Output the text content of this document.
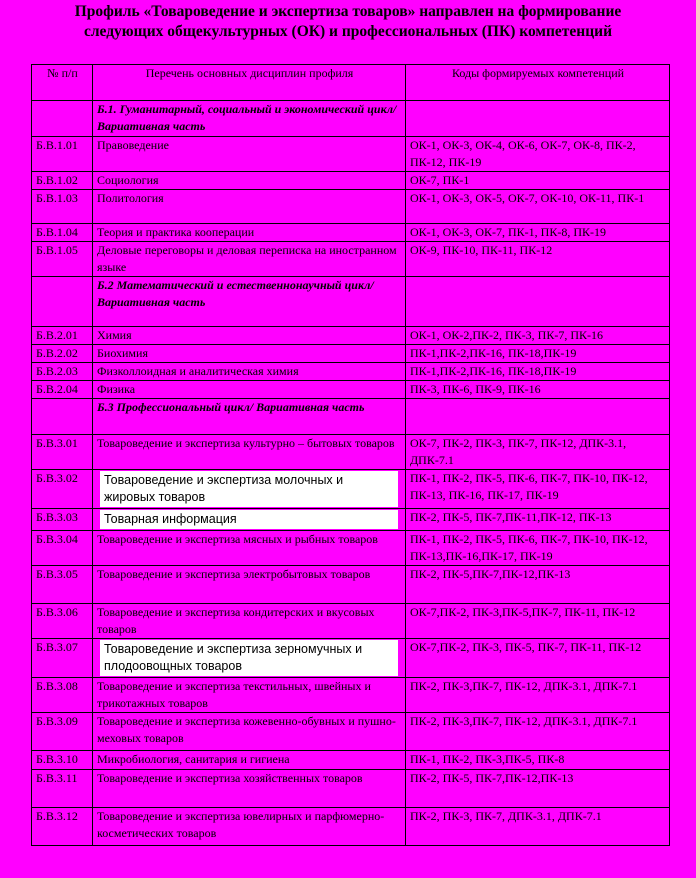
Профиль «Товароведение и экспертиза товаров» направлен на формирование
следующих общекультурных (ОК) и профессиональных (ПК) компетенций
№ п/п	Перечень основных дисциплин профиля	Коды формируемых компетенций
	Б.1. Гуманитарный, социальный и экономический цикл/Вариативная часть	
Б.В.1.01	Правоведение	ОК-1, ОК-3, ОК-4, ОК-6, ОК-7, ОК-8, ПК-2, ПК-12, ПК-19
Б.В.1.02	Социология	ОК-7, ПК-1
Б.В.1.03	Политология	ОК-1, ОК-3, ОК-5, ОК-7, ОК-10, ОК-11, ПК-1
Б.В.1.04	Теория и практика кооперации	ОК-1, ОК-3, ОК-7, ПК-1, ПК-8, ПК-19
Б.В.1.05	Деловые переговоры и деловая переписка на иностранном языке	ОК-9, ПК-10, ПК-11, ПК-12
	Б.2 Математический и естественнонаучный цикл/ Вариативная часть	
Б.В.2.01	Химия	ОК-1, ОК-2,ПК-2, ПК-3, ПК-7, ПК-16
Б.В.2.02	Биохимия	ПК-1,ПК-2,ПК-16, ПК-18,ПК-19
Б.В.2.03	Физколлоидная и аналитическая химия	ПК-1,ПК-2,ПК-16, ПК-18,ПК-19
Б.В.2.04	Физика	ПК-3, ПК-6, ПК-9, ПК-16
	Б.3 Профессиональный цикл/ Вариативная часть	
Б.В.3.01	Товароведение и экспертиза культурно – бытовых товаров	ОК-7, ПК-2, ПК-3, ПК-7, ПК-12, ДПК-3.1, ДПК-7.1
Б.В.3.02	Товароведение и экспертиза молочных и жировых товаров	ПК-1, ПК-2, ПК-5, ПК-6, ПК-7, ПК-10, ПК-12, ПК-13, ПК-16, ПК-17, ПК-19
Б.В.3.03	Товарная информация	ПК-2, ПК-5, ПК-7,ПК-11,ПК-12, ПК-13
Б.В.3.04	Товароведение и экспертиза мясных и рыбных товаров	ПК-1, ПК-2, ПК-5, ПК-6, ПК-7, ПК-10, ПК-12, ПК-13,ПК-16,ПК-17, ПК-19
Б.В.3.05	Товароведение и экспертиза электробытовых товаров	ПК-2, ПК-5,ПК-7,ПК-12,ПК-13
Б.В.3.06	Товароведение и экспертиза кондитерских и вкусовых товаров	ОК-7,ПК-2, ПК-3,ПК-5,ПК-7, ПК-11, ПК-12
Б.В.3.07	Товароведение и экспертиза зерномучных и плодоовощных товаров	ОК-7,ПК-2, ПК-3, ПК-5, ПК-7, ПК-11, ПК-12
Б.В.3.08	Товароведение и экспертиза текстильных, швейных и трикотажных товаров	ПК-2, ПК-3,ПК-7, ПК-12, ДПК-3.1, ДПК-7.1
Б.В.3.09	Товароведение и экспертиза кожевенно-обувных и пушно-меховых товаров	ПК-2, ПК-3,ПК-7, ПК-12, ДПК-3.1, ДПК-7.1
Б.В.3.10	Микробиология, санитария и гигиена	ПК-1, ПК-2, ПК-3,ПК-5, ПК-8
Б.В.3.11	Товароведение и экспертиза хозяйственных товаров	ПК-2, ПК-5, ПК-7,ПК-12,ПК-13
Б.В.3.12	Товароведение и экспертиза ювелирных и парфюмерно-косметических товаров	ПК-2, ПК-3, ПК-7, ДПК-3.1, ДПК-7.1
